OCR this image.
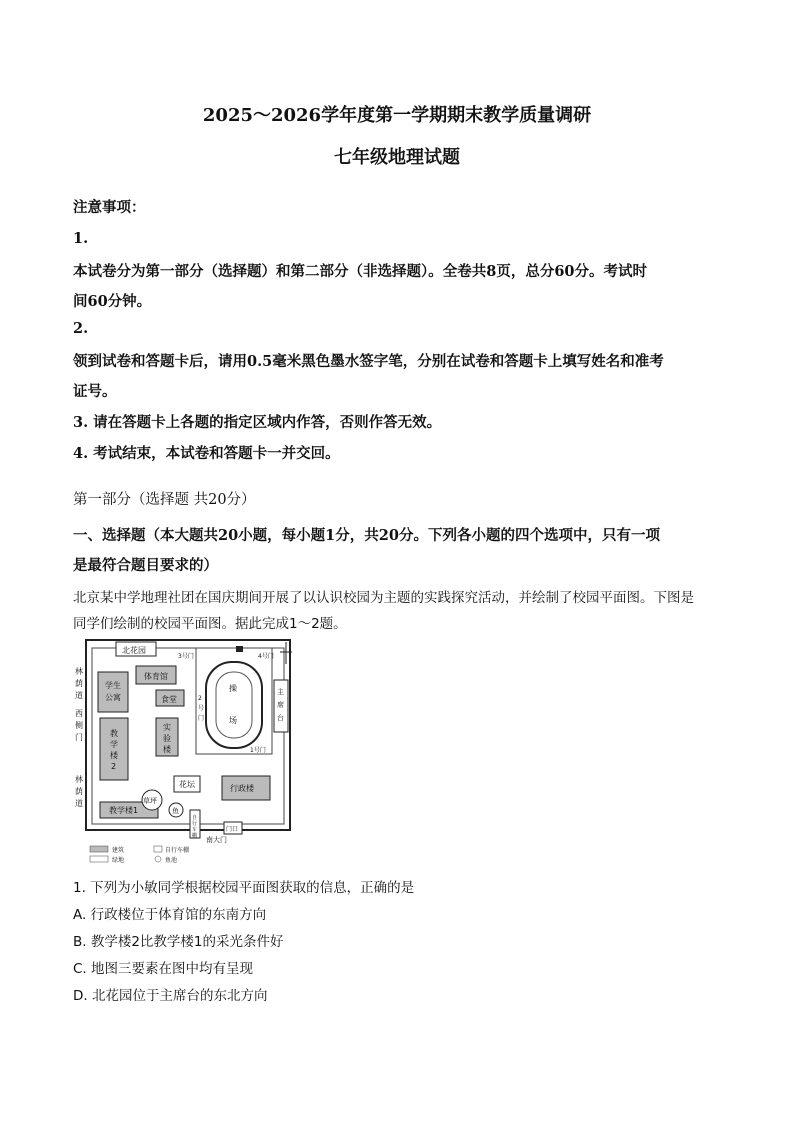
2025～2026学年度第一学期期末教学质量调研
七年级地理试题
注意事项：
1.
本试卷分为第一部分（选择题）和第二部分（非选择题）。全卷共8页，总分60分。考试时
间60分钟。
2.
领到试卷和答题卡后，请用0.5毫米黑色墨水签字笔，分别在试卷和答题卡上填写姓名和准考
证号。
3. 请在答题卡上各题的指定区域内作答，否则作答无效。
4. 考试结束，本试卷和答题卡一并交回。
第一部分（选择题 共20分）
一、选择题（本大题共20小题，每小题1分，共20分。下列各小题的四个选项中，只有一项
是最符合题目要求的）
北京某中学地理社团在国庆期间开展了以认识校园为主题的实践探究活动，并绘制了校园平面图。下图是
同学们绘制的校园平面图。据此完成1～2题。
北花园
体育馆
食堂
学生
公寓
实
验
楼
教
学
楼
2
教学楼1
行政楼
草坪
花坛
鱼
操
场
主
席
台
林
荫
道
西
侧
门
林
荫
道
3号门
2
号
门
4号门
1号门
门口
自
行
车
棚 南大门
建筑	自行车棚
绿地	鱼池
1. 下列为小敏同学根据校园平面图获取的信息，正确的是
A. 行政楼位于体育馆的东南方向
B. 教学楼2比教学楼1的采光条件好
C. 地图三要素在图中均有呈现
D. 北花园位于主席台的东北方向
